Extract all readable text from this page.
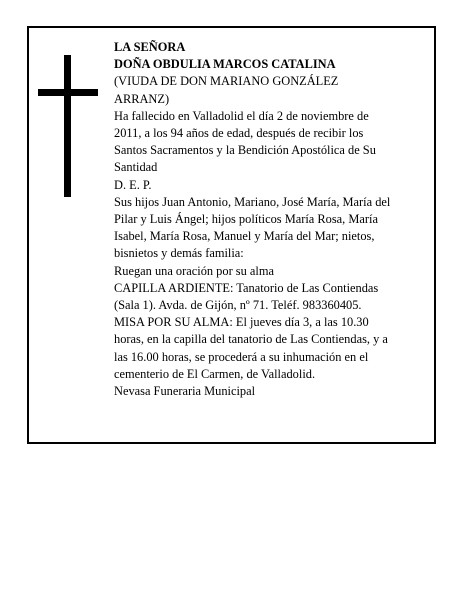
LA SEÑORA
DOÑA OBDULIA MARCOS CATALINA
(VIUDA DE DON MARIANO GONZÁLEZ
ARRANZ)
Ha fallecido en Valladolid el día 2 de noviembre de
2011, a los 94 años de edad, después de recibir los
Santos Sacramentos y la Bendición Apostólica de Su
Santidad
D. E. P.
Sus hijos Juan Antonio, Mariano, José María, María del
Pilar y Luis Ángel; hijos políticos María Rosa, María
Isabel, María Rosa, Manuel y María del Mar; nietos,
bisnietos y demás familia:
Ruegan una oración por su alma
CAPILLA ARDIENTE: Tanatorio de Las Contiendas
(Sala 1). Avda. de Gijón, nº 71. Teléf. 983360405.
MISA POR SU ALMA: El jueves día 3, a las 10.30
horas, en la capilla del tanatorio de Las Contiendas, y a
las 16.00 horas, se procederá a su inhumación en el
cementerio de El Carmen, de Valladolid.
Nevasa Funeraria Municipal
